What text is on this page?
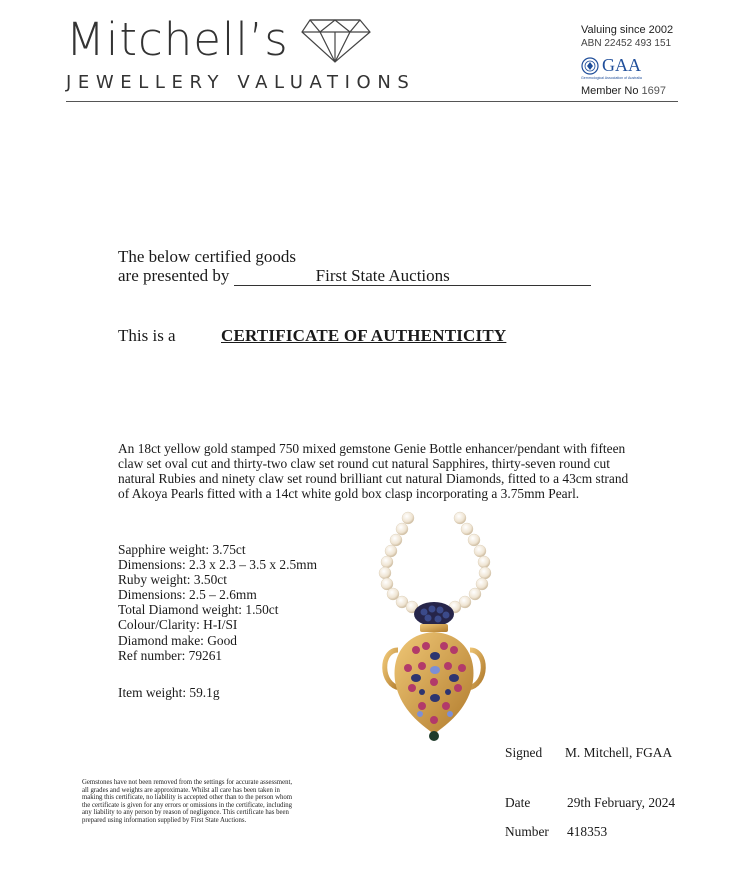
Mitchell’s
JEWELLERY VALUATIONS
Valuing since 2002
ABN 22452 493 151
GAA
Gemmological Association of Australia
Member No 1697
The below certified goods
are presented by	First State Auctions
This is a	CERTIFICATE OF AUTHENTICITY
An 18ct yellow gold stamped 750 mixed gemstone Genie Bottle enhancer/pendant with fifteen claw set oval cut and thirty-two claw set round cut natural Sapphires, thirty-seven round cut natural Rubies and ninety claw set round brilliant cut natural Diamonds, fitted to a 43cm strand of Akoya Pearls fitted with a 14ct white gold box clasp incorporating a 3.75mm Pearl.
Sapphire weight: 3.75ct
Dimensions: 2.3 x 2.3 – 3.5 x 2.5mm
Ruby weight: 3.50ct
Dimensions: 2.5 – 2.6mm
Total Diamond weight: 1.50ct
Colour/Clarity: H-I/SI
Diamond make: Good
Ref number: 79261
Item weight: 59.1g
Gemstones have not been removed from the settings for accurate assessment, all grades and weights are approximate. Whilst all care has been taken in making this certificate, no liability is accepted other than to the person whom the certificate is given for any errors or omissions in the certificate, including any liability to any person by reason of negligence. This certificate has been prepared using information supplied by First State Auctions.
Signed M. Mitchell, FGAA
Date	29th February, 2024
Number 418353
